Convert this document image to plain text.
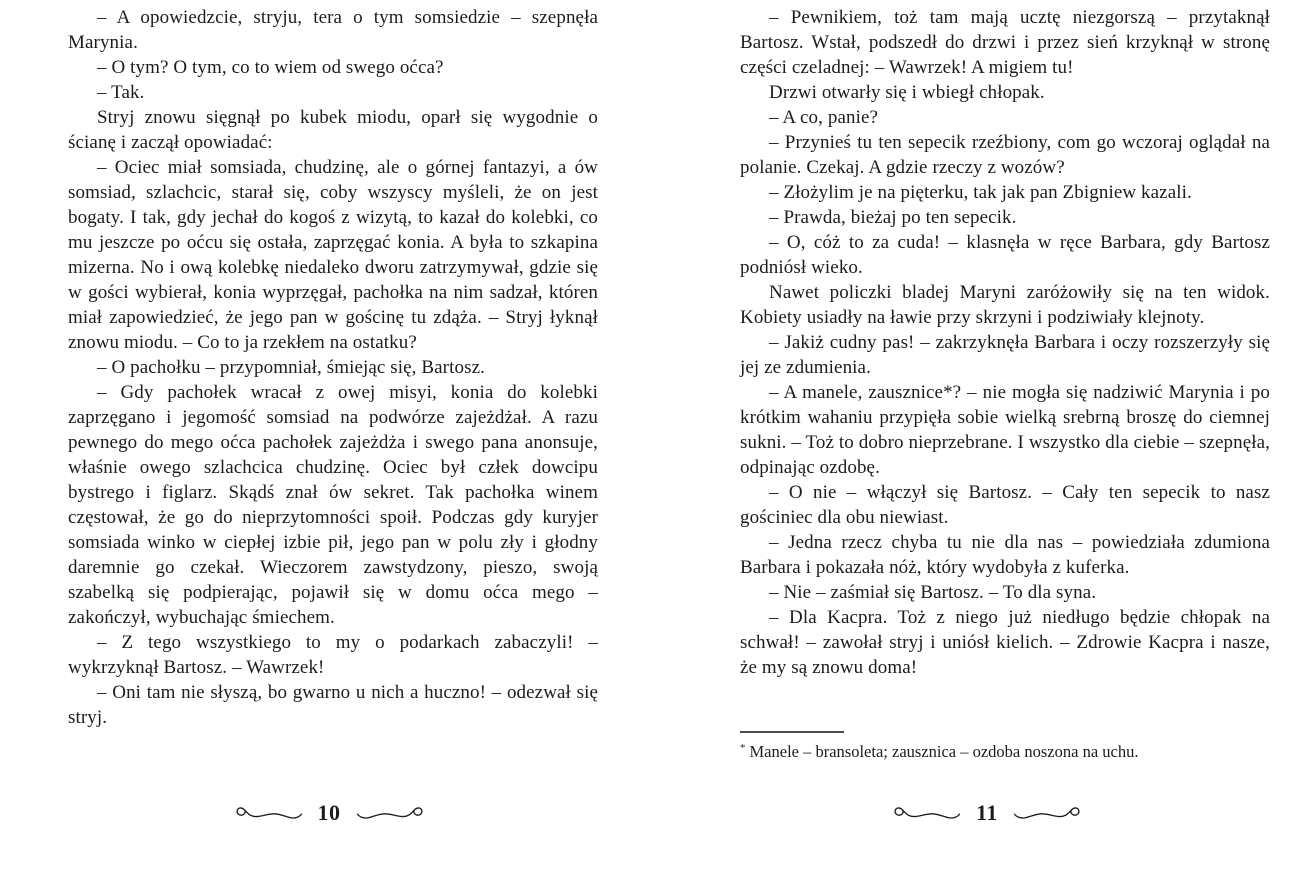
– A opowiedzcie, stryju, tera o tym somsiedzie – szepnęła Marynia.

– O tym? O tym, co to wiem od swego oćca?

– Tak.

Stryj znowu sięgnął po kubek miodu, oparł się wygodnie o ścianę i zaczął opowiadać:

– Ociec miał somsiada, chudzinę, ale o górnej fantazyi, a ów somsiad, szlachcic, starał się, coby wszyscy myśleli, że on jest bogaty. I tak, gdy jechał do kogoś z wizytą, to kazał do kolebki, co mu jeszcze po oćcu się ostała, zaprzęgać konia. A była to szkapina mizerna. No i ową kolebkę niedaleko dworu zatrzymywał, gdzie się w gości wybierał, konia wyprzęgał, pachołka na nim sadzał, któren miał zapowiedzieć, że jego pan w gościnę tu zdąża. – Stryj łyknął znowu miodu. – Co to ja rzekłem na ostatku?

– O pachołku – przypomniał, śmiejąc się, Bartosz.

– Gdy pachołek wracał z owej misyi, konia do kolebki zaprzęgano i jegomość somsiad na podwórze zajeżdżał. A razu pewnego do mego oćca pachołek zajeżdża i swego pana anonsuje, właśnie owego szlachcica chudzinę. Ociec był człek dowcipu bystrego i figlarz. Skądś znał ów sekret. Tak pachołka winem częstował, że go do nieprzytomności spoił. Podczas gdy kuryjer somsiada winko w ciepłej izbie pił, jego pan w polu zły i głodny daremnie go czekał. Wieczorem zawstydzony, pieszo, swoją szabelką się podpierając, pojawił się w domu oćca mego – zakończył, wybuchając śmiechem.

– Z tego wszystkiego to my o podarkach zabaczyli! – wykrzyknął Bartosz. – Wawrzek!

– Oni tam nie słyszą, bo gwarno u nich a huczno! – odezwał się stryj.

10

– Pewnikiem, toż tam mają ucztę niezgorszą – przytaknął Bartosz. Wstał, podszedł do drzwi i przez sień krzyknął w stronę części czeladnej: – Wawrzek! A migiem tu!

Drzwi otwarły się i wbiegł chłopak.

– A co, panie?

– Przynieś tu ten sepecik rzeźbiony, com go wczoraj oglądał na polanie. Czekaj. A gdzie rzeczy z wozów?

– Złożylim je na pięterku, tak jak pan Zbigniew kazali.

– Prawda, bieżaj po ten sepecik.

– O, cóż to za cuda! – klasnęła w ręce Barbara, gdy Bartosz podniósł wieko.

Nawet policzki bladej Maryni zaróżowiły się na ten widok. Kobiety usiadły na ławie przy skrzyni i podziwiały klejnoty.

– Jakiż cudny pas! – zakrzyknęła Barbara i oczy rozszerzyły się jej ze zdumienia.

– A manele, zausznice*? – nie mogła się nadziwić Marynia i po krótkim wahaniu przypięła sobie wielką srebrną broszę do ciemnej sukni. – Toż to dobro nieprzebrane. I wszystko dla ciebie – szepnęła, odpinając ozdobę.

– O nie – włączył się Bartosz. – Cały ten sepecik to nasz gościniec dla obu niewiast.

– Jedna rzecz chyba tu nie dla nas – powiedziała zdumiona Barbara i pokazała nóż, który wydobyła z kuferka.

– Nie – zaśmiał się Bartosz. – To dla syna.

– Dla Kacpra. Toż z niego już niedługo będzie chłopak na schwał! – zawołał stryj i uniósł kielich. – Zdrowie Kacpra i nasze, że my są znowu doma!

* Manele – bransoleta; zausznica – ozdoba noszona na uchu.

11
